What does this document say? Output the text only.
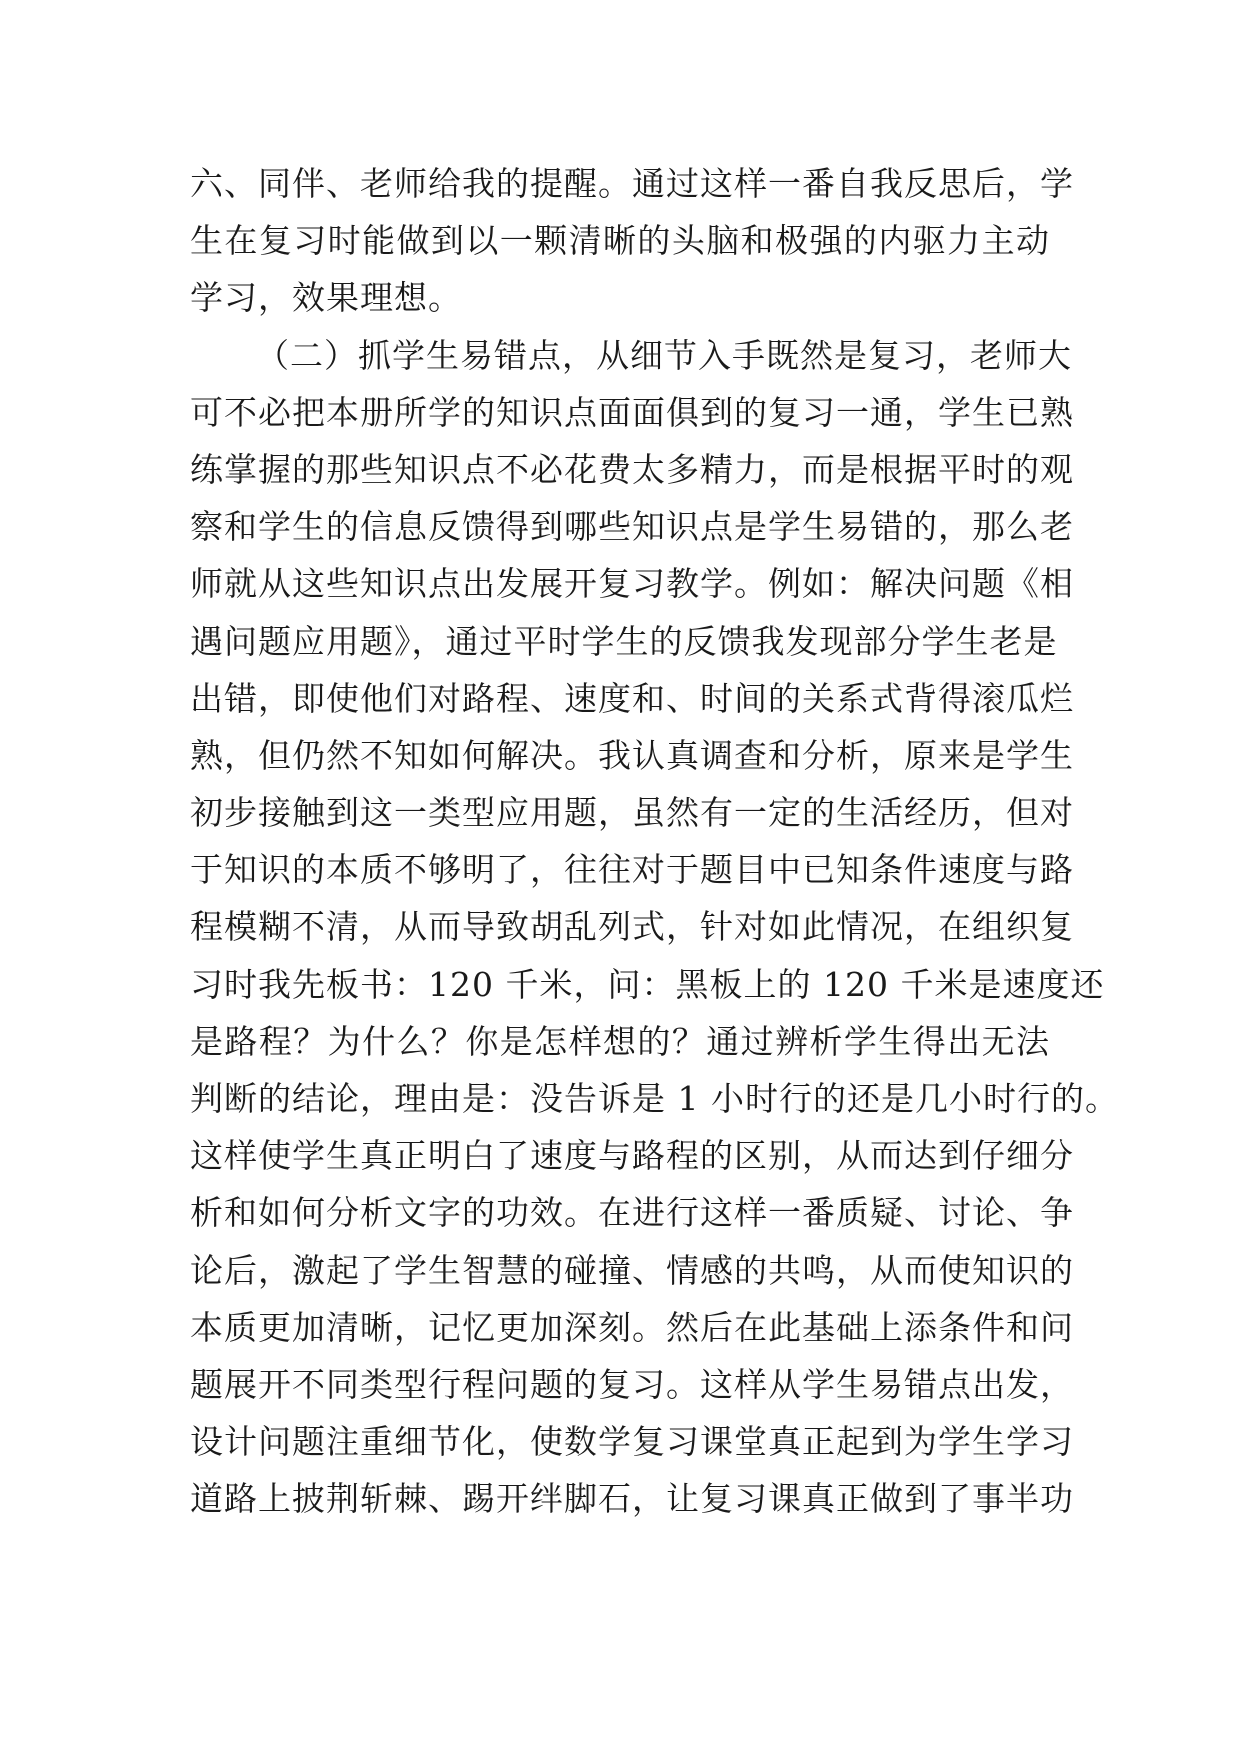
六、同伴、老师给我的提醒。通过这样一番自我反思后，学
生在复习时能做到以一颗清晰的头脑和极强的内驱力主动
学习，效果理想。
（二）抓学生易错点，从细节入手既然是复习，老师大
可不必把本册所学的知识点面面俱到的复习一通，学生已熟
练掌握的那些知识点不必花费太多精力，而是根据平时的观
察和学生的信息反馈得到哪些知识点是学生易错的，那么老
师就从这些知识点出发展开复习教学。例如：解决问题《相
遇问题应用题》，通过平时学生的反馈我发现部分学生老是
出错，即使他们对路程、速度和、时间的关系式背得滚瓜烂
熟，但仍然不知如何解决。我认真调查和分析，原来是学生
初步接触到这一类型应用题，虽然有一定的生活经历，但对
于知识的本质不够明了，往往对于题目中已知条件速度与路
程模糊不清，从而导致胡乱列式，针对如此情况，在组织复
习时我先板书：120 千米，问：黑板上的 120 千米是速度还
是路程？为什么？你是怎样想的？通过辨析学生得出无法
判断的结论，理由是：没告诉是 1 小时行的还是几小时行的。
这样使学生真正明白了速度与路程的区别，从而达到仔细分
析和如何分析文字的功效。在进行这样一番质疑、讨论、争
论后，激起了学生智慧的碰撞、情感的共鸣，从而使知识的
本质更加清晰，记忆更加深刻。然后在此基础上添条件和问
题展开不同类型行程问题的复习。这样从学生易错点出发，
设计问题注重细节化，使数学复习课堂真正起到为学生学习
道路上披荆斩棘、踢开绊脚石，让复习课真正做到了事半功
